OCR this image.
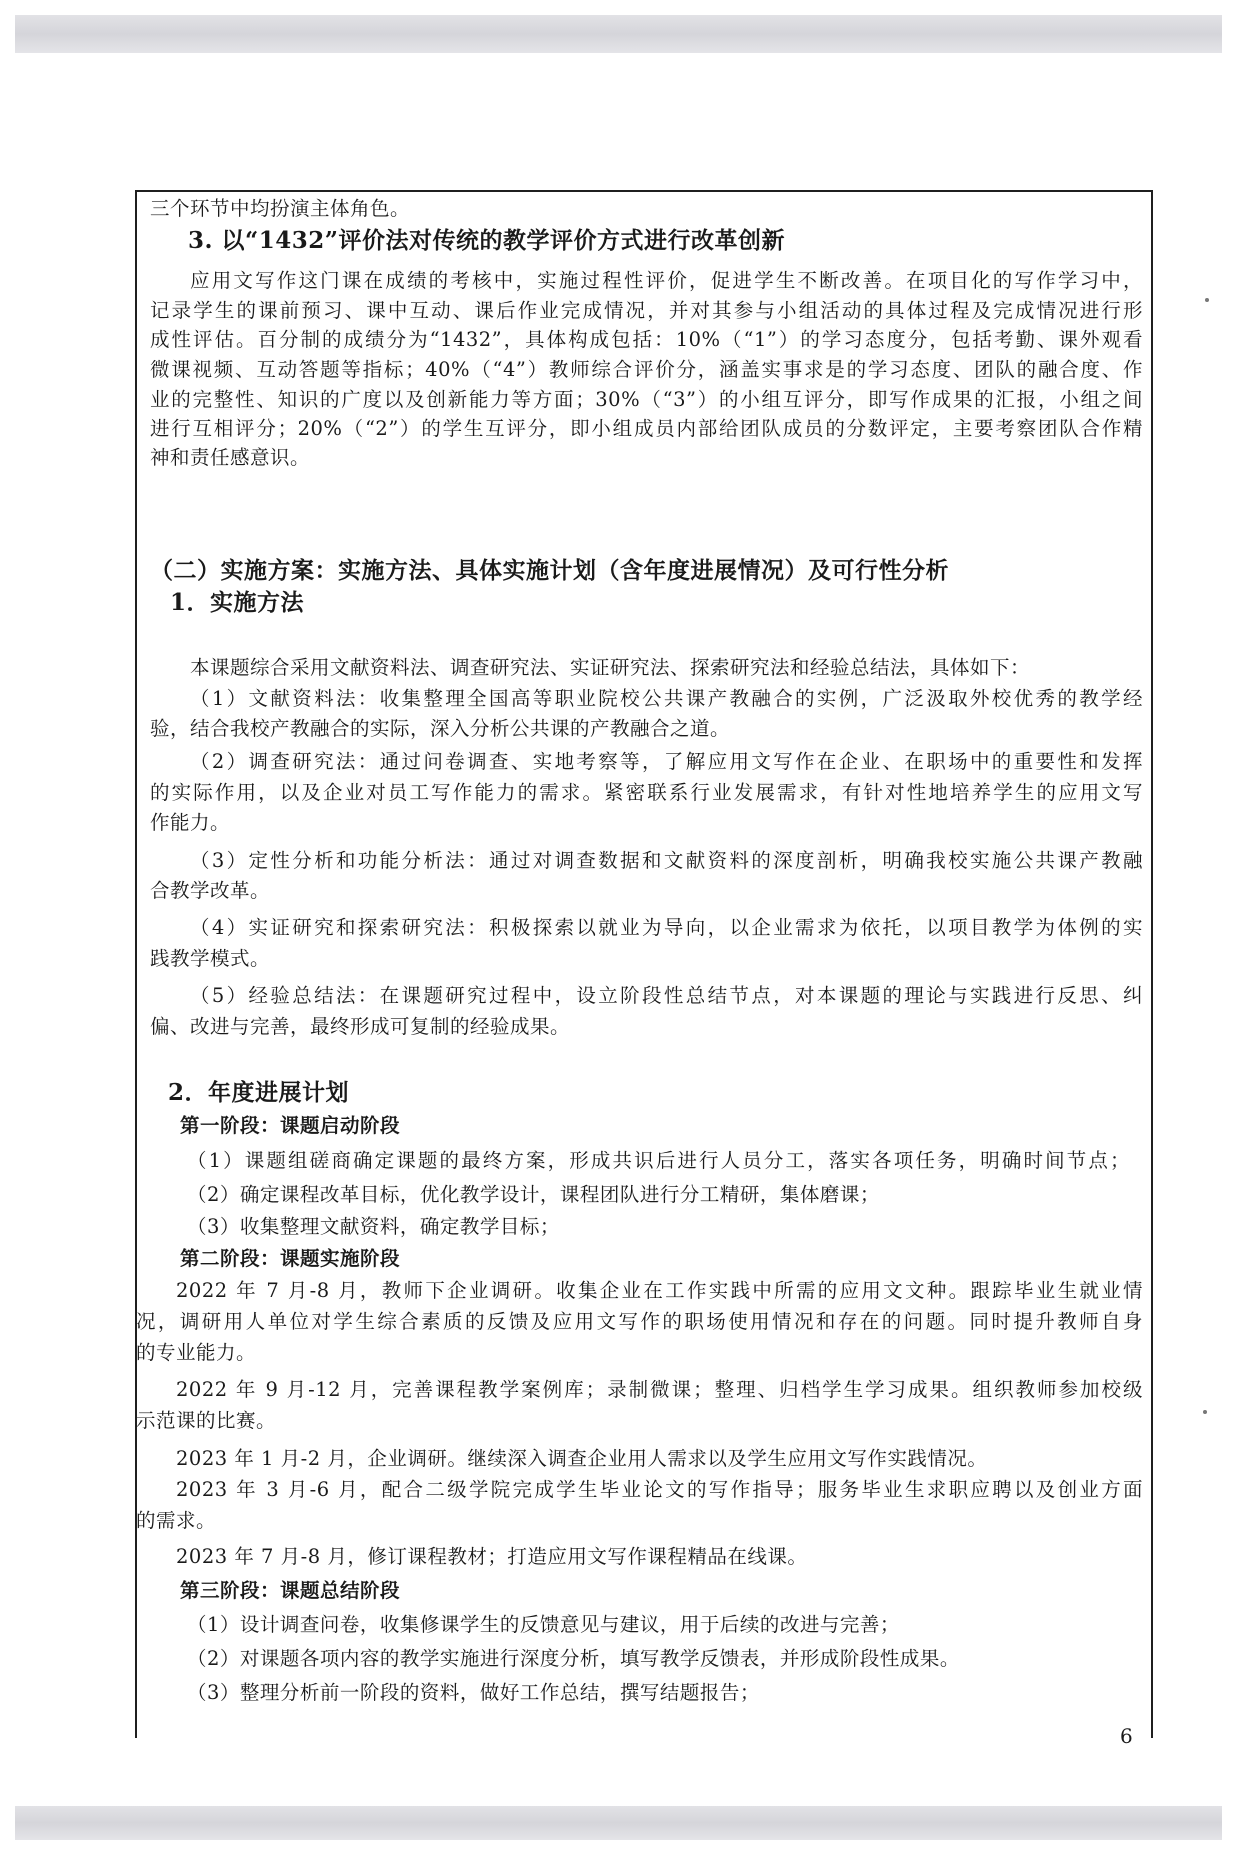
三个环节中均扮演主体角色。
3. 以“1432”评价法对传统的教学评价方式进行改革创新
应用文写作这门课在成绩的考核中，实施过程性评价，促进学生不断改善。在项目化的写作学习中，
记录学生的课前预习、课中互动、课后作业完成情况，并对其参与小组活动的具体过程及完成情况进行形
成性评估。百分制的成绩分为“1432”，具体构成包括：10%（“1”）的学习态度分，包括考勤、课外观看
微课视频、互动答题等指标；40%（“4”）教师综合评价分，涵盖实事求是的学习态度、团队的融合度、作
业的完整性、知识的广度以及创新能力等方面；30%（“3”）的小组互评分，即写作成果的汇报，小组之间
进行互相评分；20%（“2”）的学生互评分，即小组成员内部给团队成员的分数评定，主要考察团队合作精
神和责任感意识。
（二）实施方案：实施方法、具体实施计划（含年度进展情况）及可行性分析
1．实施方法
本课题综合采用文献资料法、调查研究法、实证研究法、探索研究法和经验总结法，具体如下：
（1）文献资料法：收集整理全国高等职业院校公共课产教融合的实例，广泛汲取外校优秀的教学经
验，结合我校产教融合的实际，深入分析公共课的产教融合之道。
（2）调查研究法：通过问卷调查、实地考察等，了解应用文写作在企业、在职场中的重要性和发挥
的实际作用，以及企业对员工写作能力的需求。紧密联系行业发展需求，有针对性地培养学生的应用文写
作能力。
（3）定性分析和功能分析法：通过对调查数据和文献资料的深度剖析，明确我校实施公共课产教融
合教学改革。
（4）实证研究和探索研究法：积极探索以就业为导向，以企业需求为依托，以项目教学为体例的实
践教学模式。
（5）经验总结法：在课题研究过程中，设立阶段性总结节点，对本课题的理论与实践进行反思、纠
偏、改进与完善，最终形成可复制的经验成果。
2．年度进展计划
第一阶段：课题启动阶段
（1）课题组磋商确定课题的最终方案，形成共识后进行人员分工，落实各项任务，明确时间节点；
（2）确定课程改革目标，优化教学设计，课程团队进行分工精研，集体磨课；
（3）收集整理文献资料，确定教学目标；
第二阶段：课题实施阶段
2022 年 7 月-8 月，教师下企业调研。收集企业在工作实践中所需的应用文文种。跟踪毕业生就业情
况，调研用人单位对学生综合素质的反馈及应用文写作的职场使用情况和存在的问题。同时提升教师自身
的专业能力。
2022 年 9 月-12 月，完善课程教学案例库；录制微课；整理、归档学生学习成果。组织教师参加校级
示范课的比赛。
2023 年 1 月-2 月，企业调研。继续深入调查企业用人需求以及学生应用文写作实践情况。
2023 年 3 月-6 月，配合二级学院完成学生毕业论文的写作指导；服务毕业生求职应聘以及创业方面
的需求。
2023 年 7 月-8 月，修订课程教材；打造应用文写作课程精品在线课。
第三阶段：课题总结阶段
（1）设计调查问卷，收集修课学生的反馈意见与建议，用于后续的改进与完善；
（2）对课题各项内容的教学实施进行深度分析，填写教学反馈表，并形成阶段性成果。
（3）整理分析前一阶段的资料，做好工作总结，撰写结题报告；
6
